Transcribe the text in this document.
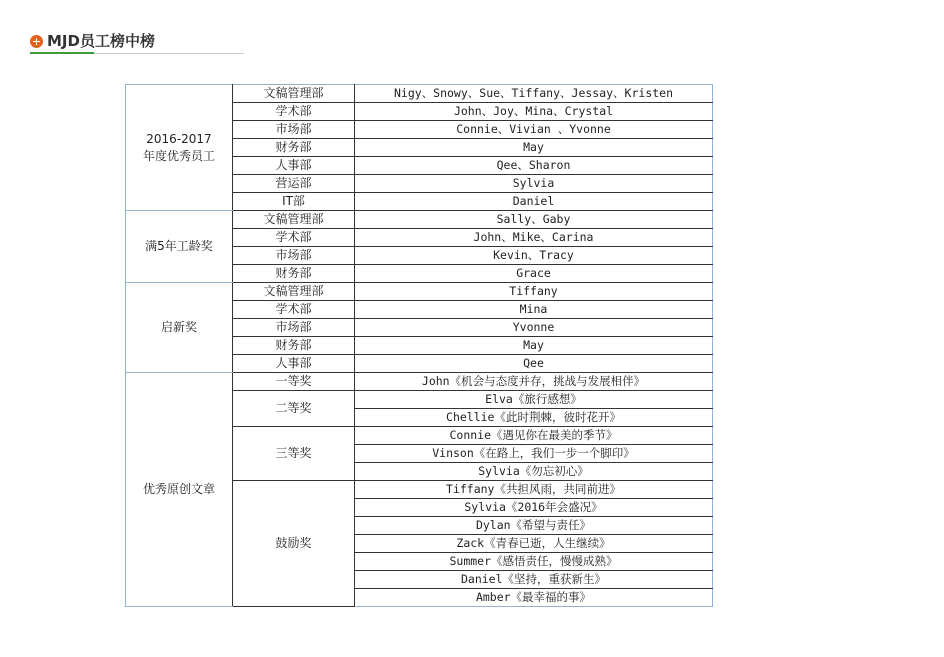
MJD员工榜中榜
2016-2017
年度优秀员工	文稿管理部	Nigy、Snowy、Sue、Tiffany、Jessay、Kristen
	学术部	John、Joy、Mina、Crystal
	市场部	Connie、Vivian 、Yvonne
	财务部	May
	人事部	Qee、Sharon
	营运部	Sylvia
	IT部	Daniel
满5年工龄奖	文稿管理部	Sally、Gaby
	学术部	John、Mike、Carina
	市场部	Kevin、Tracy
	财务部	Grace
启新奖	文稿管理部	Tiffany
	学术部	Mina
	市场部	Yvonne
	财务部	May
	人事部	Qee
优秀原创文章	一等奖	John《机会与态度并存，挑战与发展相伴》
	二等奖	Elva《旅行感想》
		Chellie《此时荆棘，彼时花开》
	三等奖	Connie《遇见你在最美的季节》
		Vinson《在路上，我们一步一个脚印》
		Sylvia《勿忘初心》
	鼓励奖	Tiffany《共担风雨，共同前进》
		Sylvia《2016年会盛况》
		Dylan《希望与责任》
		Zack《青春已逝，人生继续》
		Summer《感悟责任，慢慢成熟》
		Daniel《坚持，重获新生》
		Amber《最幸福的事》
